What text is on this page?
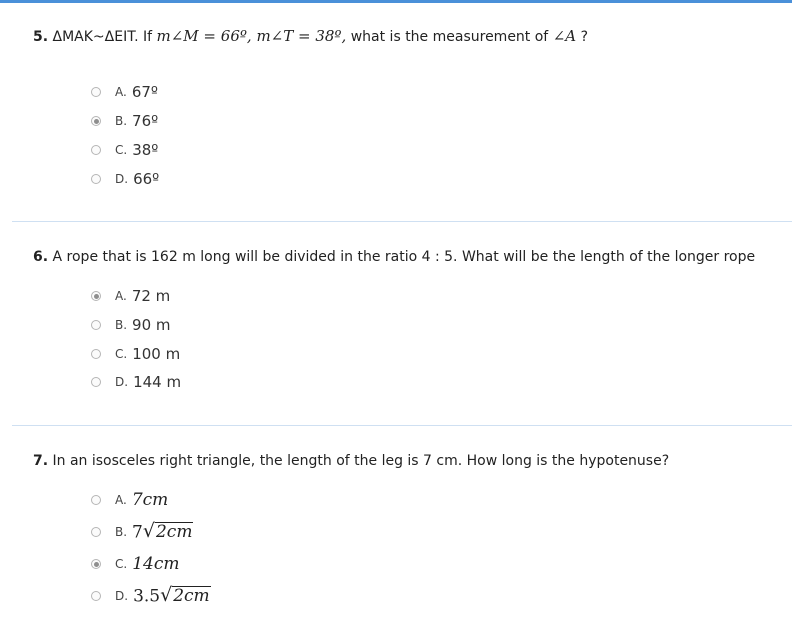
5. ΔMAK~ΔEIT. If m∠M = 66º, m∠T = 38º, what is the measurement of ∠A ?
A. 67º
B. 76º
C. 38º
D. 66º
6. A rope that is 162 m long will be divided in the ratio 4 : 5. What will be the length of the longer rope
A. 72 m
B. 90 m
C. 100 m
D. 144 m
7. In an isosceles right triangle, the length of the leg is 7 cm. How long is the hypotenuse?
A. 7cm
B. 7 √ 2cm
C. 14cm
D. 3.5 √ 2cm
